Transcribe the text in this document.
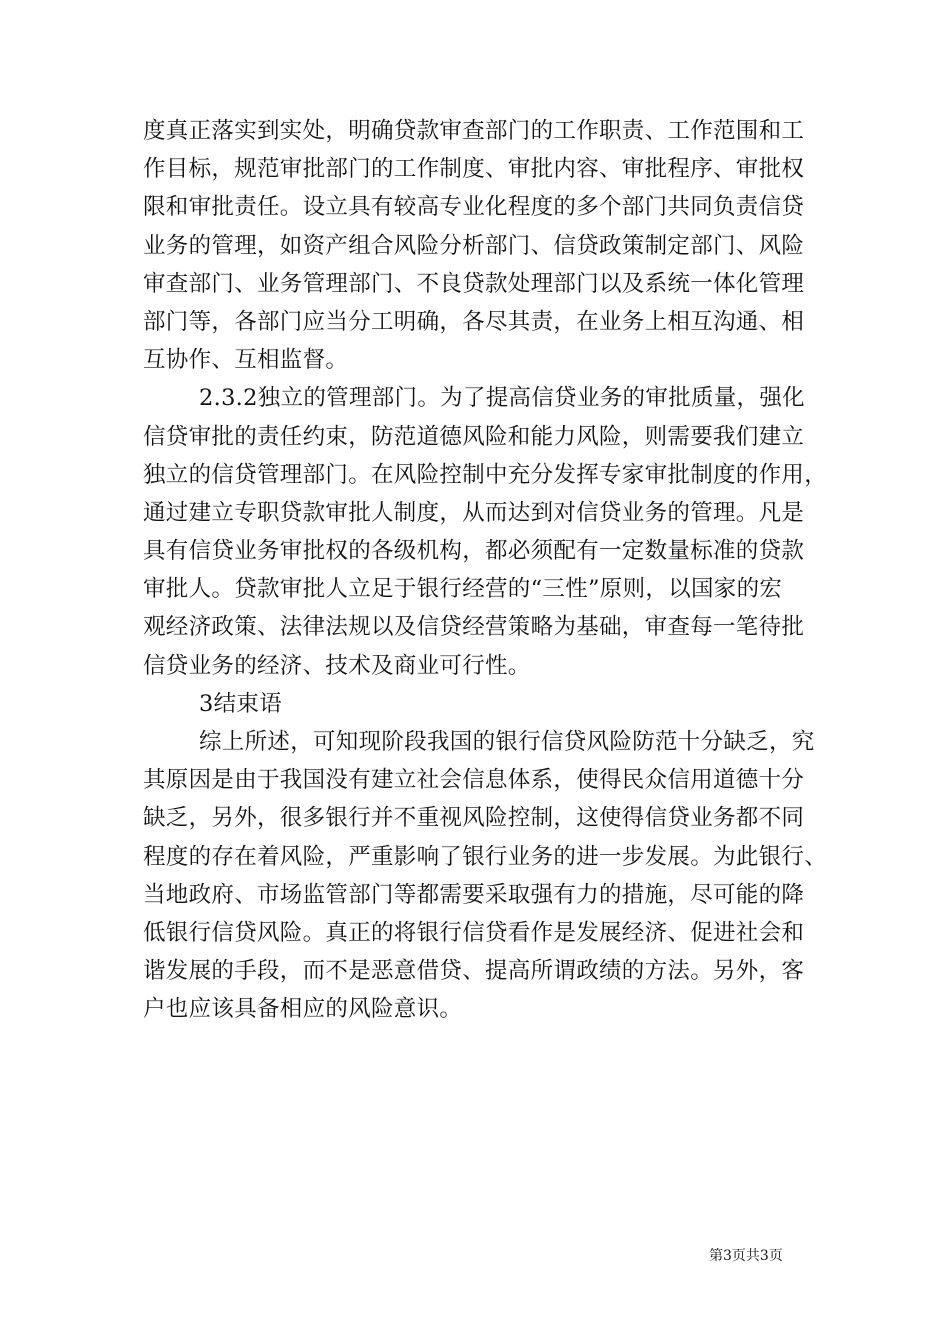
度真正落实到实处，明确贷款审查部门的工作职责、工作范围和工
作目标，规范审批部门的工作制度、审批内容、审批程序、审批权
限和审批责任。设立具有较高专业化程度的多个部门共同负责信贷
业务的管理，如资产组合风险分析部门、信贷政策制定部门、风险
审查部门、业务管理部门、不良贷款处理部门以及系统一体化管理
部门等，各部门应当分工明确，各尽其责，在业务上相互沟通、相
互协作、互相监督。
2.3.2独立的管理部门。为了提高信贷业务的审批质量，强化
信贷审批的责任约束，防范道德风险和能力风险，则需要我们建立
独立的信贷管理部门。在风险控制中充分发挥专家审批制度的作用，
通过建立专职贷款审批人制度，从而达到对信贷业务的管理。凡是
具有信贷业务审批权的各级机构，都必须配有一定数量标准的贷款
审批人。贷款审批人立足于银行经营的“三性”原则，以国家的宏
观经济政策、法律法规以及信贷经营策略为基础，审查每一笔待批
信贷业务的经济、技术及商业可行性。
3结束语
综上所述，可知现阶段我国的银行信贷风险防范十分缺乏，究
其原因是由于我国没有建立社会信息体系，使得民众信用道德十分
缺乏，另外，很多银行并不重视风险控制，这使得信贷业务都不同
程度的存在着风险，严重影响了银行业务的进一步发展。为此银行、
当地政府、市场监管部门等都需要采取强有力的措施，尽可能的降
低银行信贷风险。真正的将银行信贷看作是发展经济、促进社会和
谐发展的手段，而不是恶意借贷、提高所谓政绩的方法。另外，客
户也应该具备相应的风险意识。
第3页共3页
